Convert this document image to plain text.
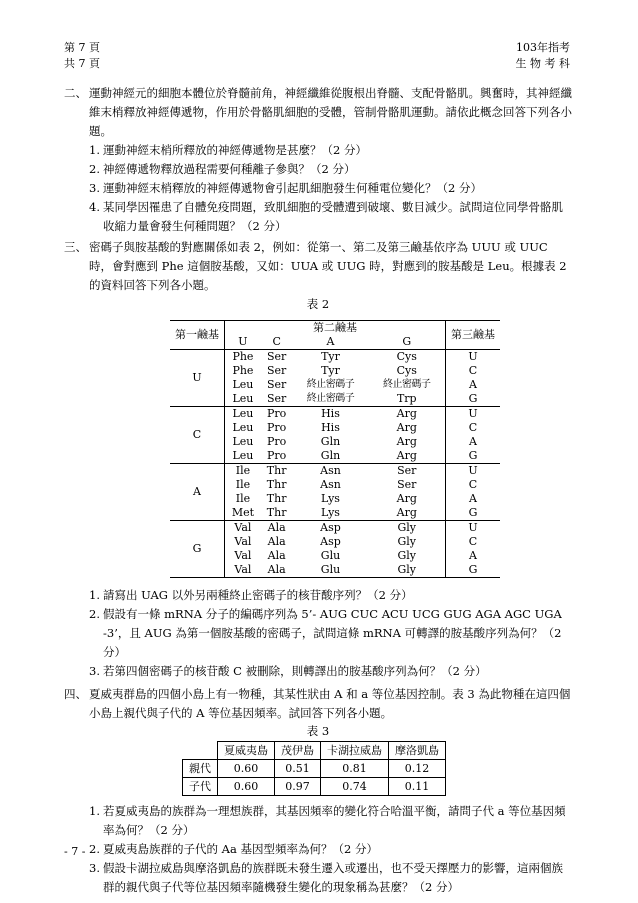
第 7 頁
共 7 頁
103年指考
生 物 考 科
二、 運動神經元的細胞本體位於脊髓前角，神經纖維從腹根出脊髓、支配骨骼肌。興奮時，其神經纖維末梢釋放神經傳遞物，作用於骨骼肌細胞的受體，管制骨骼肌運動。請依此概念回答下列各小題。
1. 運動神經末梢所釋放的神經傳遞物是甚麼？（2 分）
2. 神經傳遞物釋放過程需要何種離子參與？（2 分）
3. 運動神經末梢釋放的神經傳遞物會引起肌細胞發生何種電位變化？（2 分）
4. 某同學因罹患了自體免疫問題，致肌細胞的受體遭到破壞、數目減少。試問這位同學骨骼肌收縮力量會發生何種問題？（2 分）
三、 密碼子與胺基酸的對應關係如表 2，例如：從第一、第二及第三鹼基依序為 UUU 或 UUC 時，會對應到 Phe 這個胺基酸，又如：UUA 或 UUG 時，對應到的胺基酸是 Leu。根據表 2 的資料回答下列各小題。
表 2
第一鹼基	第二鹼基				第三鹼基
	U	C	A	G	
U	Phe	Ser	Tyr	Cys	U
	Phe	Ser	Tyr	Cys	C
	Leu	Ser	終止密碼子	終止密碼子	A
	Leu	Ser	終止密碼子	Trp	G
C	Leu	Pro	His	Arg	U
	Leu	Pro	His	Arg	C
	Leu	Pro	Gln	Arg	A
	Leu	Pro	Gln	Arg	G
A	Ile	Thr	Asn	Ser	U
	Ile	Thr	Asn	Ser	C
	Ile	Thr	Lys	Arg	A
	Met	Thr	Lys	Arg	G
G	Val	Ala	Asp	Gly	U
	Val	Ala	Asp	Gly	C
	Val	Ala	Glu	Gly	A
	Val	Ala	Glu	Gly	G
1. 請寫出 UAG 以外另兩種終止密碼子的核苷酸序列？（2 分）
2. 假設有一條 mRNA 分子的編碼序列為 5’- AUG CUC ACU UCG GUG AGA AGC UGA -3’，且 AUG 為第一個胺基酸的密碼子，試問這條 mRNA 可轉譯的胺基酸序列為何？（2 分）
3. 若第四個密碼子的核苷酸 C 被刪除，則轉譯出的胺基酸序列為何？（2 分）
四、 夏威夷群島的四個小島上有一物種，其某性狀由 A 和 a 等位基因控制。表 3 為此物種在這四個小島上親代與子代的 A 等位基因頻率。試回答下列各小題。
表 3
	夏威夷島	茂伊島	卡湖拉威島	摩洛凱島
親代	0.60	0.51	0.81	0.12
子代	0.60	0.97	0.74	0.11
1. 若夏威夷島的族群為一理想族群，其基因頻率的變化符合哈溫平衡，請問子代 a 等位基因頻率為何？（2 分）
2. 夏威夷島族群的子代的 Aa 基因型頻率為何？（2 分）
3. 假設卡湖拉威島與摩洛凱島的族群既未發生遷入或遷出，也不受天擇壓力的影響，這兩個族群的親代與子代等位基因頻率隨機發生變化的現象稱為甚麼？（2 分）
- 7 -
